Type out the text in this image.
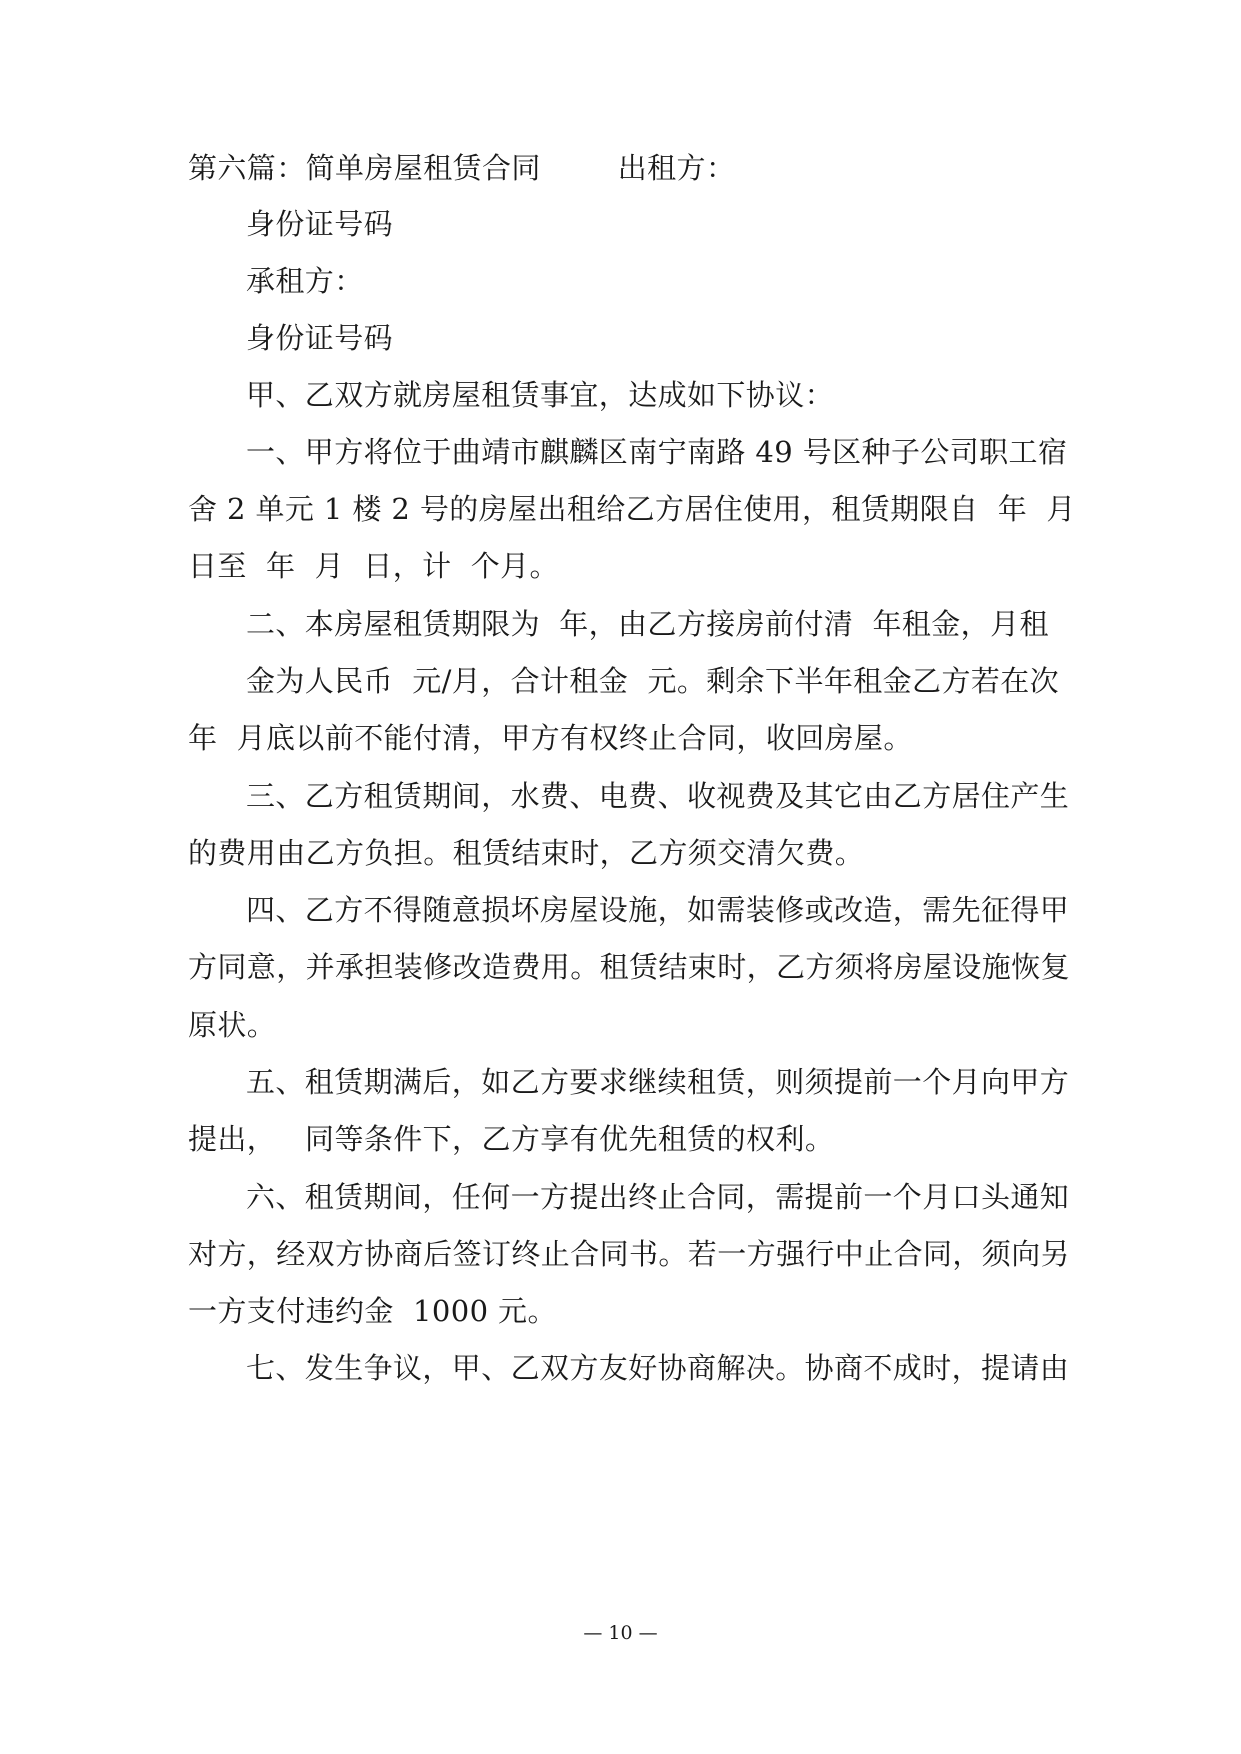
第六篇：简单房屋租赁合同        出租方：
身份证号码
承租方：
身份证号码
甲、乙双方就房屋租赁事宜，达成如下协议：
一、甲方将位于曲靖市麒麟区南宁南路 49 号区种子公司职工宿
舍 2 单元 1 楼 2 号的房屋出租给乙方居住使用，租赁期限自  年  月
日至  年  月  日，计  个月。
二、本房屋租赁期限为  年，由乙方接房前付清  年租金，月租
金为人民币  元/月，合计租金  元。剩余下半年租金乙方若在次
年  月底以前不能付清，甲方有权终止合同，收回房屋。
三、乙方租赁期间，水费、电费、收视费及其它由乙方居住产生
的费用由乙方负担。租赁结束时，乙方须交清欠费。
四、乙方不得随意损坏房屋设施，如需装修或改造，需先征得甲
方同意，并承担装修改造费用。租赁结束时，乙方须将房屋设施恢复
原状。
五、租赁期满后，如乙方要求继续租赁，则须提前一个月向甲方
提出，   同等条件下，乙方享有优先租赁的权利。
六、租赁期间，任何一方提出终止合同，需提前一个月口头通知
对方，经双方协商后签订终止合同书。若一方强行中止合同，须向另
一方支付违约金  1000 元。
七、发生争议，甲、乙双方友好协商解决。协商不成时，提请由
— 10 —
